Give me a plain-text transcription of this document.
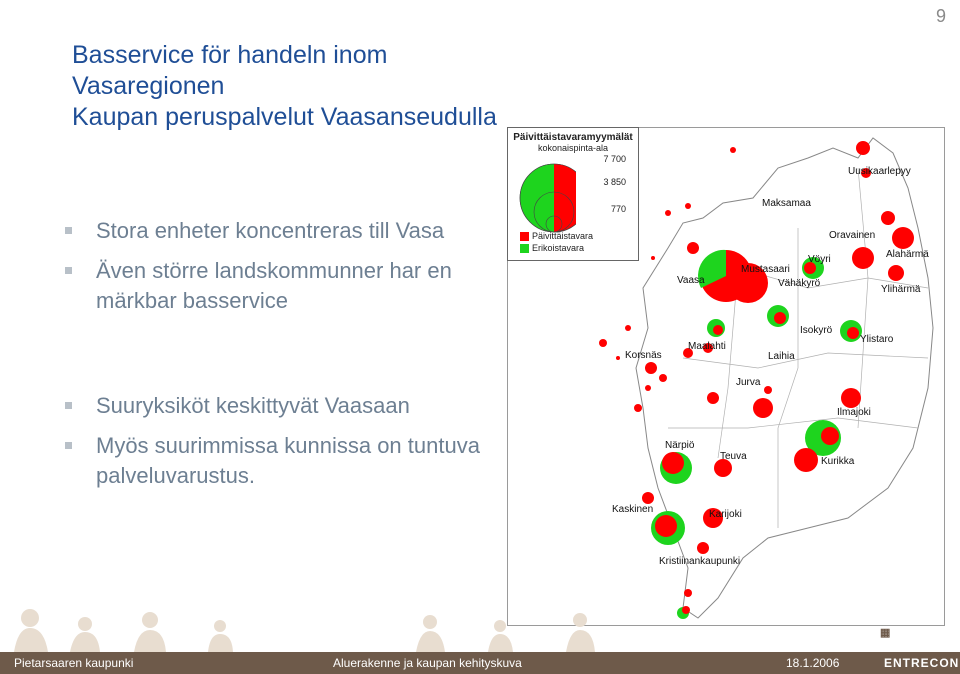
9
Basservice för handeln inom
Vasaregionen
Kaupan peruspalvelut Vaasanseudulla
Stora enheter koncentreras till Vasa
Även större landskommunner har en märkbar basservice
Suuryksiköt keskittyvät Vaasaan
Myös suurimmissa kunnissa on tuntuva palveluvarustus.
Päivittäistavaramyymälät
kokonaispinta-ala
7 700
3 850
770
Päivittäistavara
Erikoistavara
Uusikaarlepyy
Maksamaa
Oravainen
Vöyri	Alahärmä
Mustasaari
Vähäkyrö
Ylihärmä
Vaasa
Isokyrö
Ylistaro
Maalahti
Laihia
Korsnäs
Jurva
Ilmajoki
Närpiö
Teuva	Kurikka
Kaskinen	Karijoki
Kristiinankaupunki
▦
Pietarsaaren kaupunki	Aluerakenne ja kaupan kehityskuva	18.1.2006	ENTRECON
